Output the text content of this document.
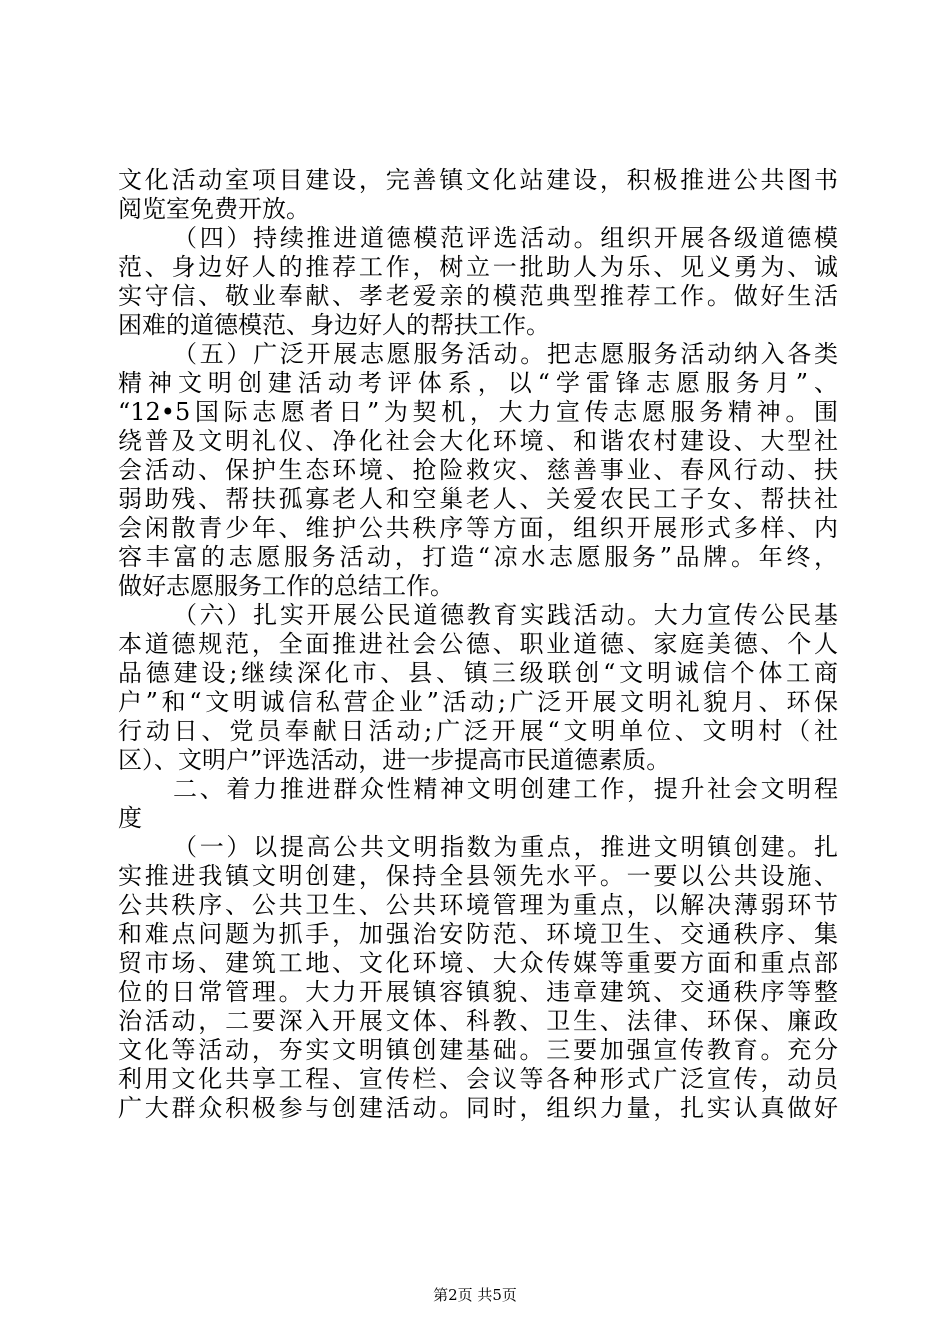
文化活动室项目建设，完善镇文化站建设，积极推进公共图书
阅览室免费开放。
（四）持续推进道德模范评选活动。组织开展各级道德模
范、身边好人的推荐工作，树立一批助人为乐、见义勇为、诚
实守信、敬业奉献、孝老爱亲的模范典型推荐工作。做好生活
困难的道德模范、身边好人的帮扶工作。
（五）广泛开展志愿服务活动。把志愿服务活动纳入各类
精神文明创建活动考评体系，以“学雷锋志愿服务月”、
“12•5国际志愿者日”为契机，大力宣传志愿服务精神。围
绕普及文明礼仪、净化社会大化环境、和谐农村建设、大型社
会活动、保护生态环境、抢险救灾、慈善事业、春风行动、扶
弱助残、帮扶孤寡老人和空巢老人、关爱农民工子女、帮扶社
会闲散青少年、维护公共秩序等方面，组织开展形式多样、内
容丰富的志愿服务活动，打造“凉水志愿服务”品牌。年终，
做好志愿服务工作的总结工作。
（六）扎实开展公民道德教育实践活动。大力宣传公民基
本道德规范，全面推进社会公德、职业道德、家庭美德、个人
品德建设;继续深化市、县、镇三级联创“文明诚信个体工商
户”和“文明诚信私营企业”活动;广泛开展文明礼貌月、环保
行动日、党员奉献日活动;广泛开展“文明单位、文明村（社
区）、文明户”评选活动，进一步提高市民道德素质。
二、着力推进群众性精神文明创建工作，提升社会文明程
度
（一）以提高公共文明指数为重点，推进文明镇创建。扎
实推进我镇文明创建，保持全县领先水平。一要以公共设施、
公共秩序、公共卫生、公共环境管理为重点，以解决薄弱环节
和难点问题为抓手，加强治安防范、环境卫生、交通秩序、集
贸市场、建筑工地、文化环境、大众传媒等重要方面和重点部
位的日常管理。大力开展镇容镇貌、违章建筑、交通秩序等整
治活动，二要深入开展文体、科教、卫生、法律、环保、廉政
文化等活动，夯实文明镇创建基础。三要加强宣传教育。充分
利用文化共享工程、宣传栏、会议等各种形式广泛宣传，动员
广大群众积极参与创建活动。同时，组织力量，扎实认真做好
第2页 共5页
